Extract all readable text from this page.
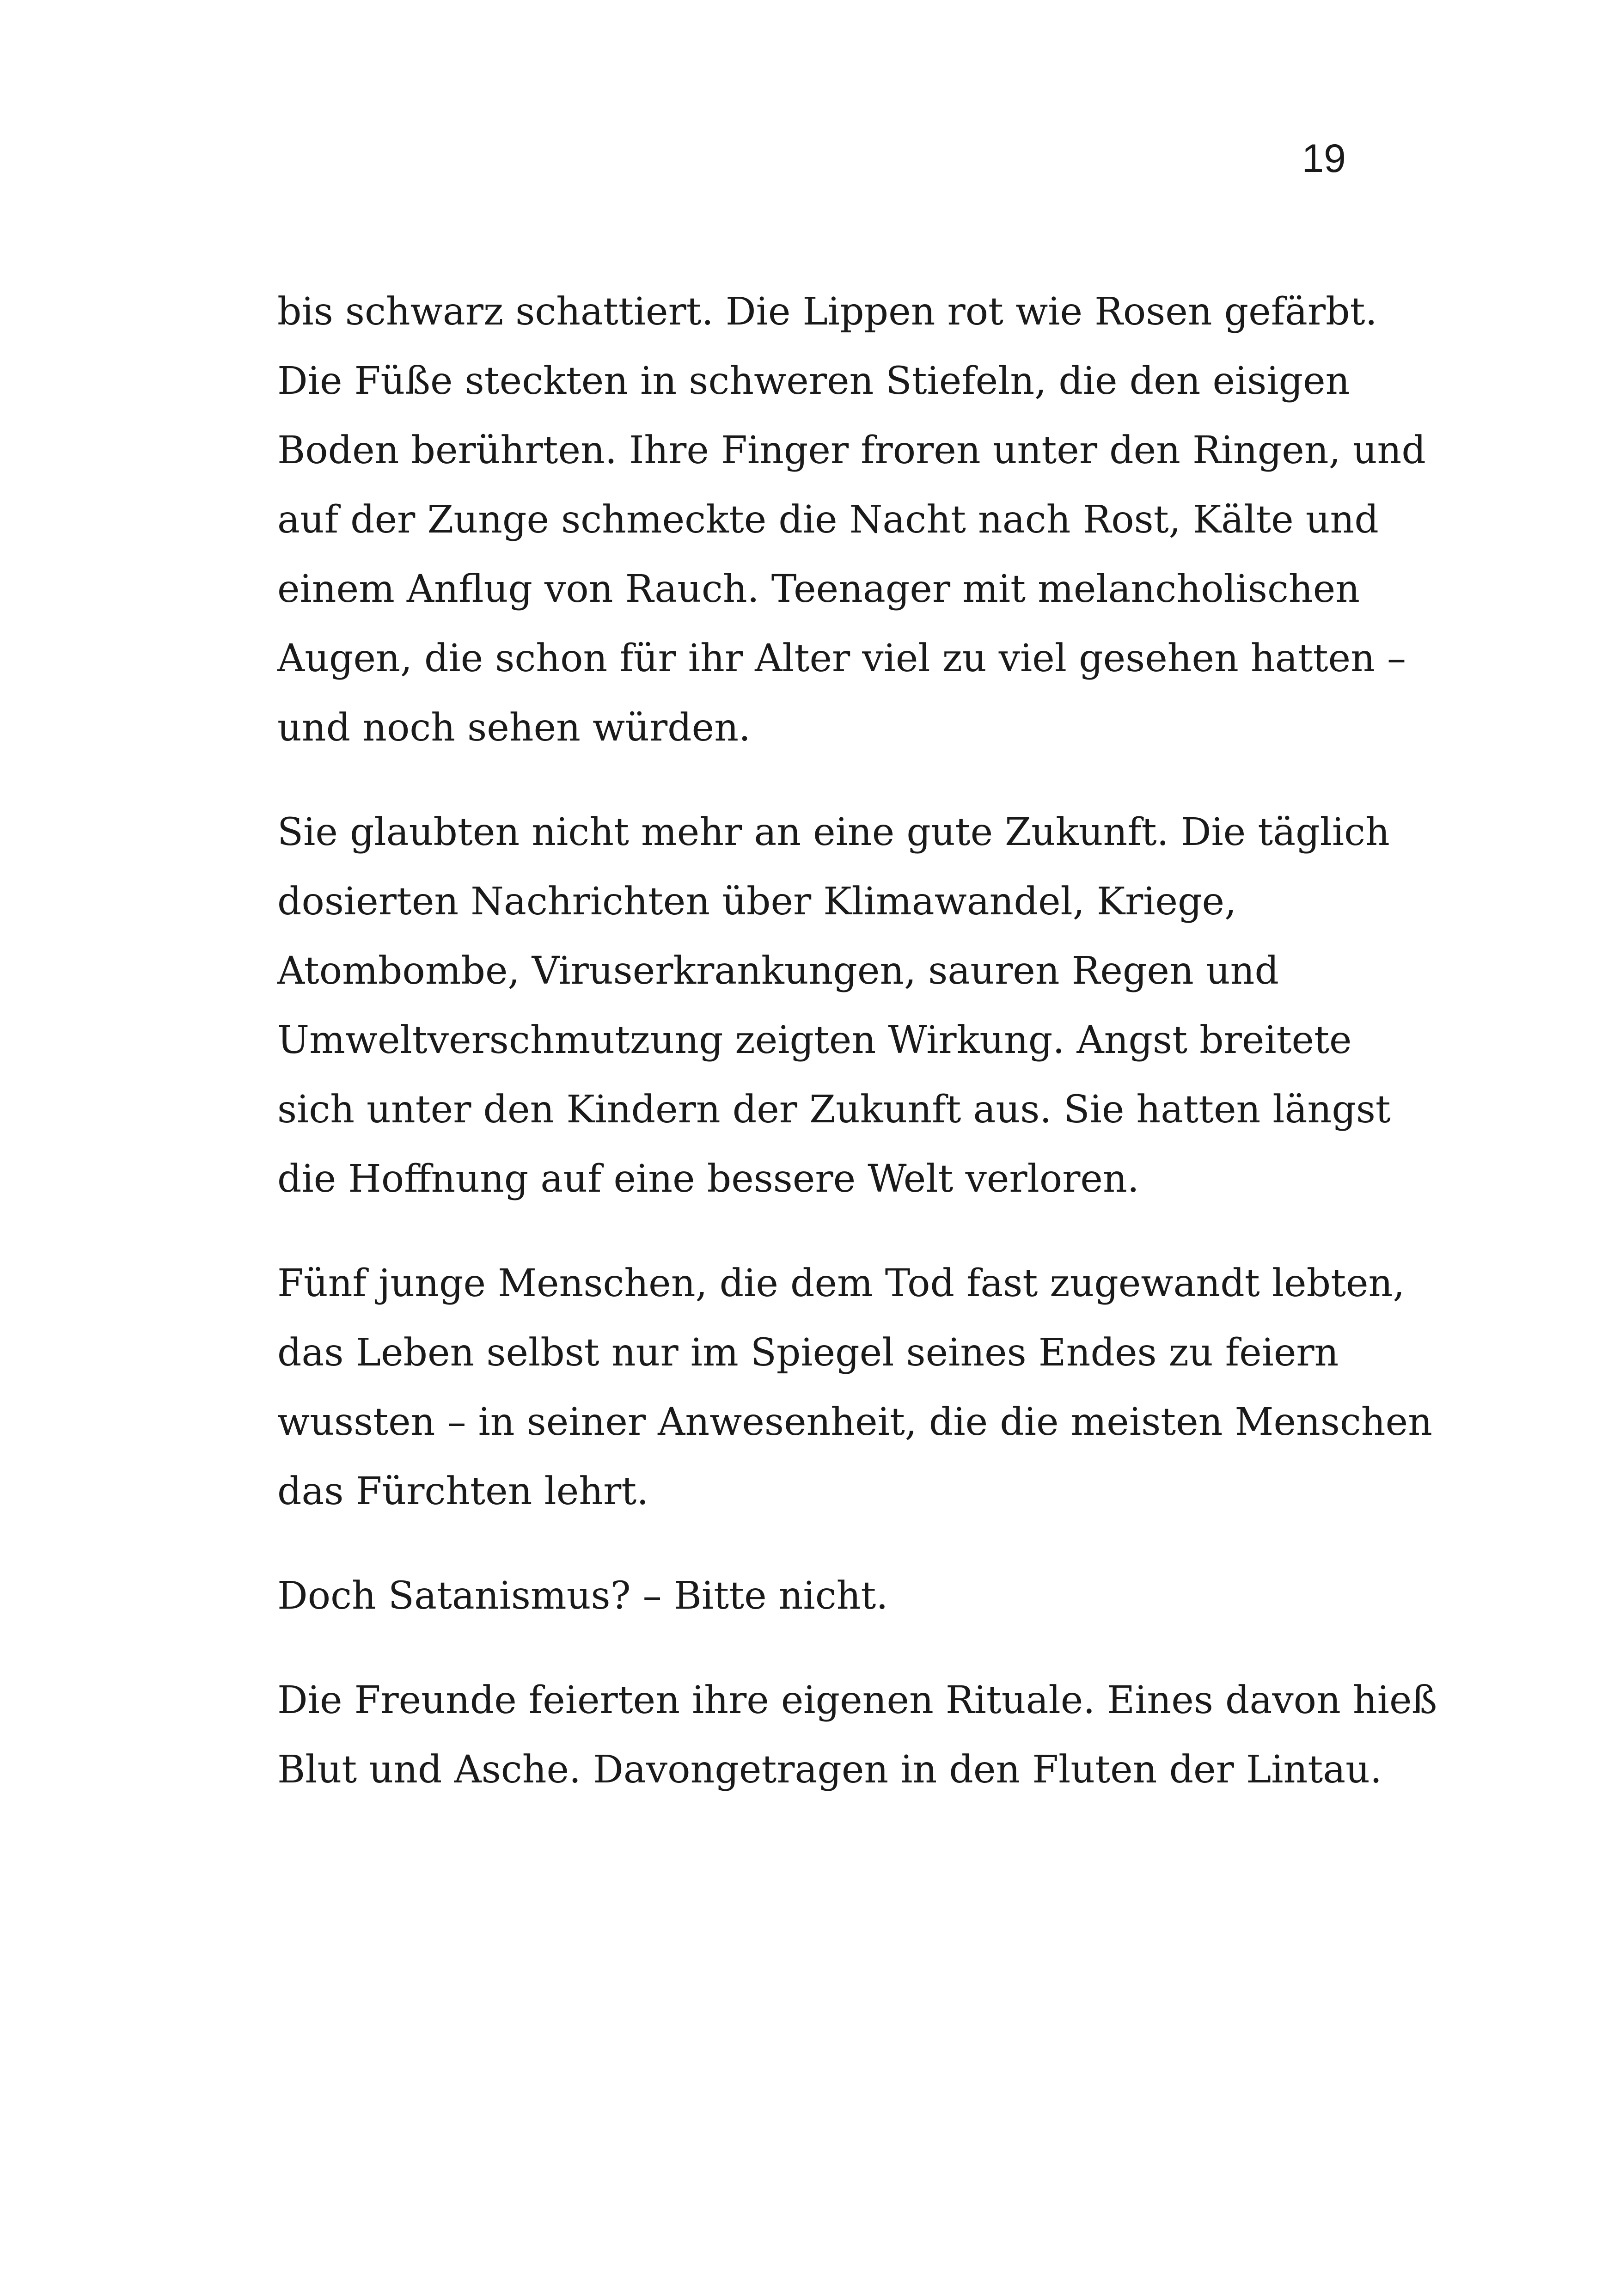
19

bis schwarz schattiert. Die Lippen rot wie Rosen gefärbt.
Die Füße steckten in schweren Stiefeln, die den eisigen
Boden berührten. Ihre Finger froren unter den Ringen, und
auf der Zunge schmeckte die Nacht nach Rost, Kälte und
einem Anflug von Rauch. Teenager mit melancholischen
Augen, die schon für ihr Alter viel zu viel gesehen hatten –
und noch sehen würden.

Sie glaubten nicht mehr an eine gute Zukunft. Die täglich
dosierten Nachrichten über Klimawandel, Kriege,
Atombombe, Viruserkrankungen, sauren Regen und
Umweltverschmutzung zeigten Wirkung. Angst breitete
sich unter den Kindern der Zukunft aus. Sie hatten längst
die Hoffnung auf eine bessere Welt verloren.

Fünf junge Menschen, die dem Tod fast zugewandt lebten,
das Leben selbst nur im Spiegel seines Endes zu feiern
wussten – in seiner Anwesenheit, die die meisten Menschen
das Fürchten lehrt.

Doch Satanismus? – Bitte nicht.

Die Freunde feierten ihre eigenen Rituale. Eines davon hieß
Blut und Asche. Davongetragen in den Fluten der Lintau.
